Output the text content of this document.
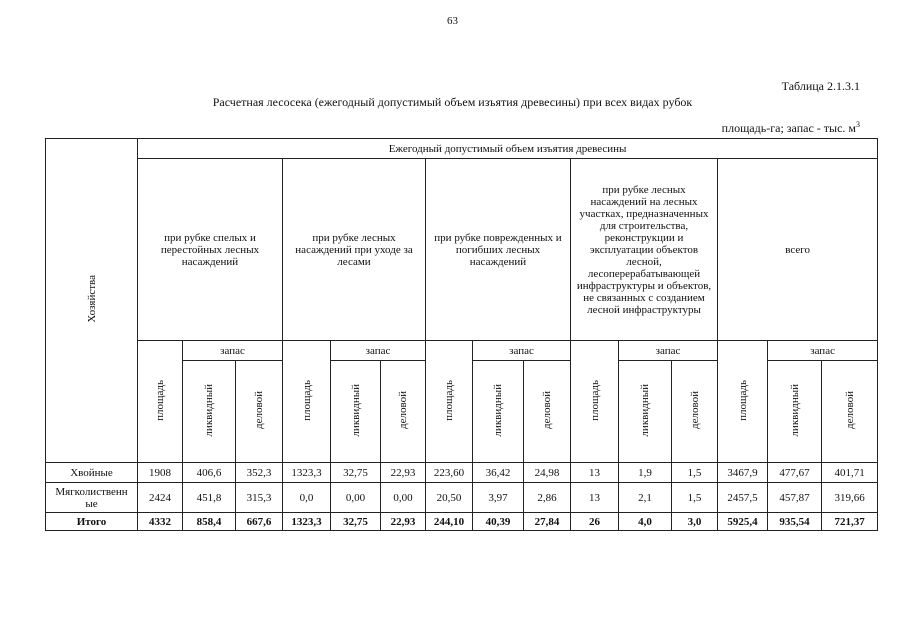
63
Таблица 2.1.3.1
Расчетная лесосека (ежегодный допустимый объем изъятия древесины) при всех видах рубок
площадь-га; запас - тыс. $м^3$
Хозяйства	Ежегодный допустимый объем изъятия древесины														
	при рубке спелых и перестойных лесных насаждений			при рубке лесных насаждений при уходе за лесами			при рубке поврежденных и погибших лесных насаждений			при рубке лесных насаждений на лесных участках, предназначенных для строительства, реконструкции и эксплуатации объектов лесной, лесоперерабатывающей инфраструктуры и объектов, не связанных с созданием лесной инфраструктуры			всего		
	площадь	запас		площадь	запас		площадь	запас		площадь	запас		площадь	запас	
		ликвидный	деловой		ликвидный	деловой		ликвидный	деловой		ликвидный	деловой		ликвидный	деловой
Хвойные	1908	406,6	352,3	1323,3	32,75	22,93	223,60	36,42	24,98	13	1,9	1,5	3467,9	477,67	401,71
Мягколиственные	2424	451,8	315,3	0,0	0,00	0,00	20,50	3,97	2,86	13	2,1	1,5	2457,5	457,87	319,66
Итого	4332	858,4	667,6	1323,3	32,75	22,93	244,10	40,39	27,84	26	4,0	3,0	5925,4	935,54	721,37
